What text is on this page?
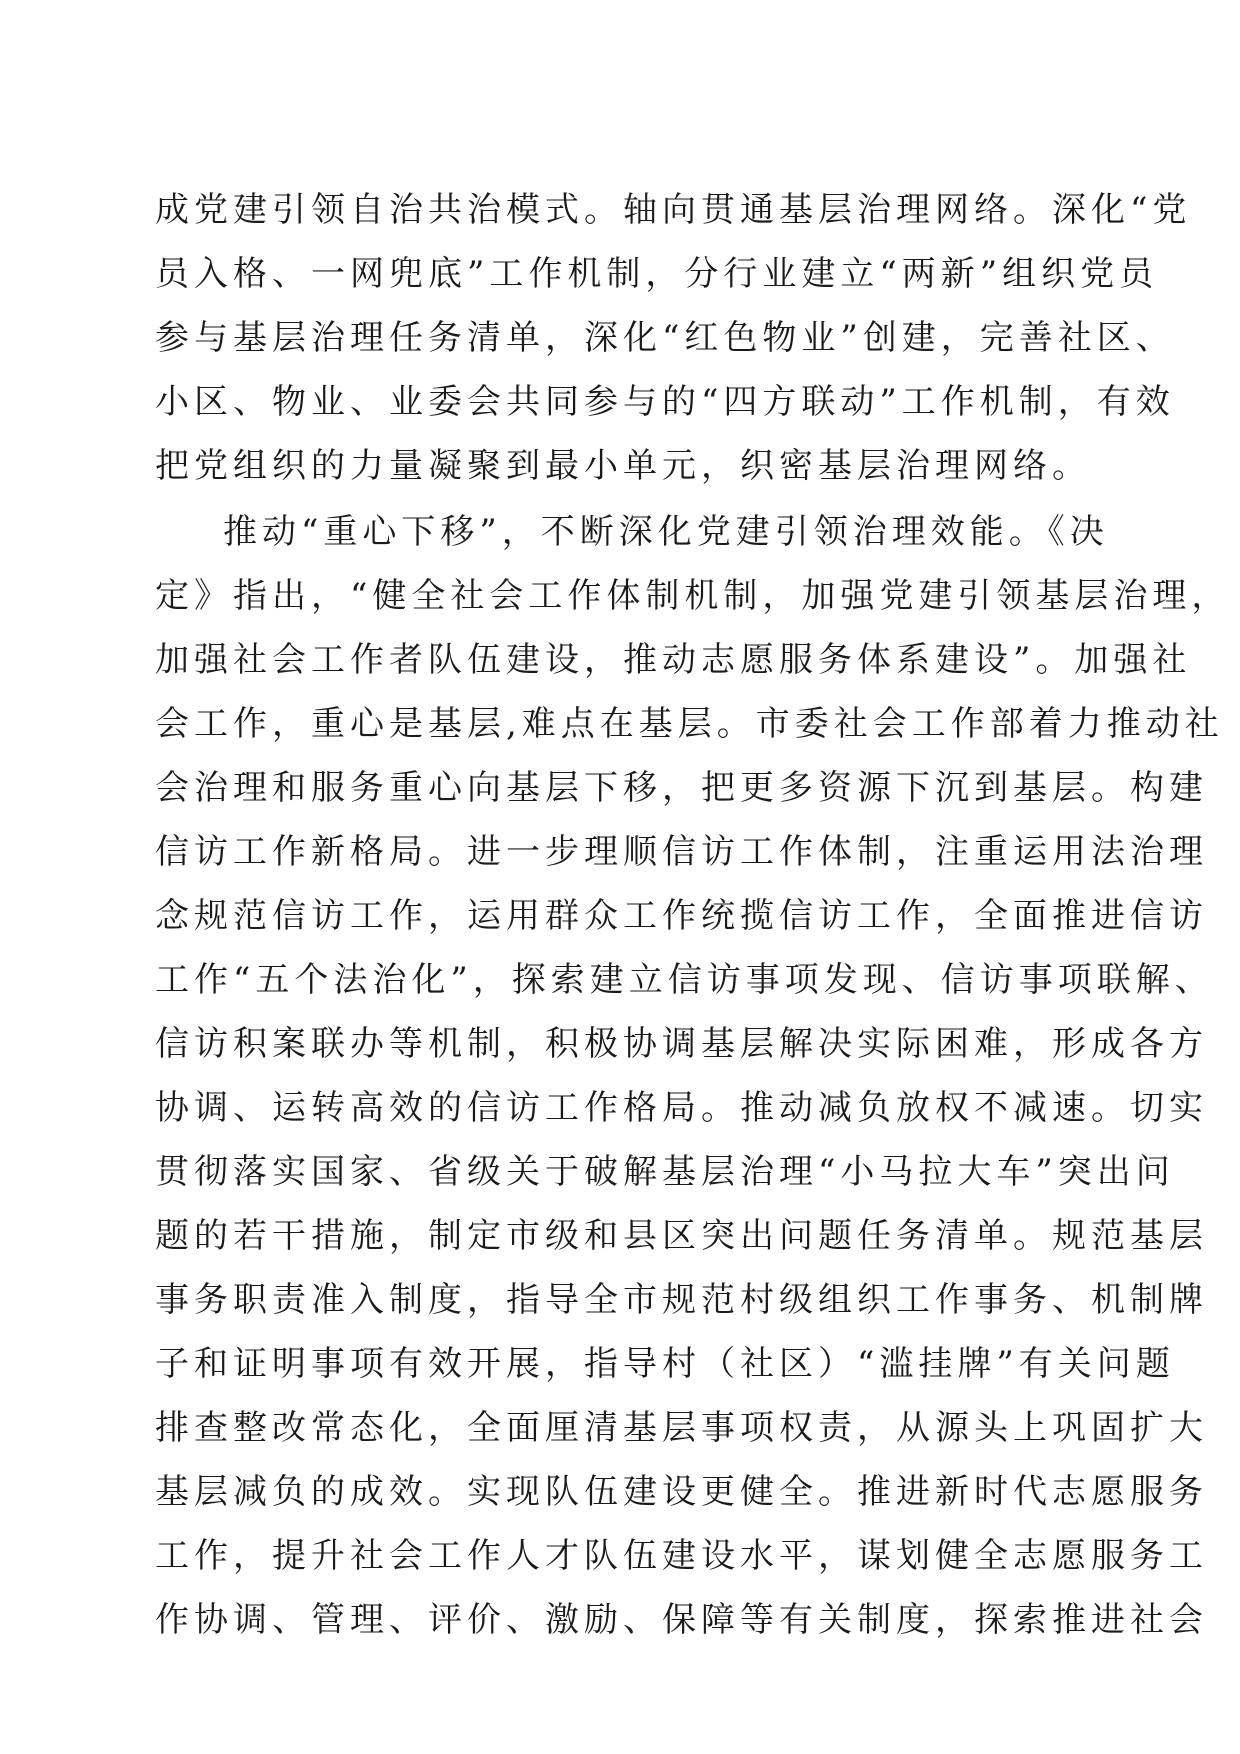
成党建引领自治共治模式。轴向贯通基层治理网络。深化“党
员入格、一网兜底”工作机制，分行业建立“两新”组织党员
参与基层治理任务清单，深化“红色物业”创建，完善社区、
小区、物业、业委会共同参与的“四方联动”工作机制，有效
把党组织的力量凝聚到最小单元，织密基层治理网络。
推动“重心下移”，不断深化党建引领治理效能。《决
定》指出，“健全社会工作体制机制，加强党建引领基层治理，
加强社会工作者队伍建设，推动志愿服务体系建设”。加强社
会工作，重心是基层,难点在基层。市委社会工作部着力推动社
会治理和服务重心向基层下移，把更多资源下沉到基层。构建
信访工作新格局。进一步理顺信访工作体制，注重运用法治理
念规范信访工作，运用群众工作统揽信访工作，全面推进信访
工作“五个法治化”，探索建立信访事项发现、信访事项联解、
信访积案联办等机制，积极协调基层解决实际困难，形成各方
协调、运转高效的信访工作格局。推动减负放权不减速。切实
贯彻落实国家、省级关于破解基层治理“小马拉大车”突出问
题的若干措施，制定市级和县区突出问题任务清单。规范基层
事务职责准入制度，指导全市规范村级组织工作事务、机制牌
子和证明事项有效开展，指导村（社区）“滥挂牌”有关问题
排查整改常态化，全面厘清基层事项权责，从源头上巩固扩大
基层减负的成效。实现队伍建设更健全。推进新时代志愿服务
工作，提升社会工作人才队伍建设水平，谋划健全志愿服务工
作协调、管理、评价、激励、保障等有关制度，探索推进社会
